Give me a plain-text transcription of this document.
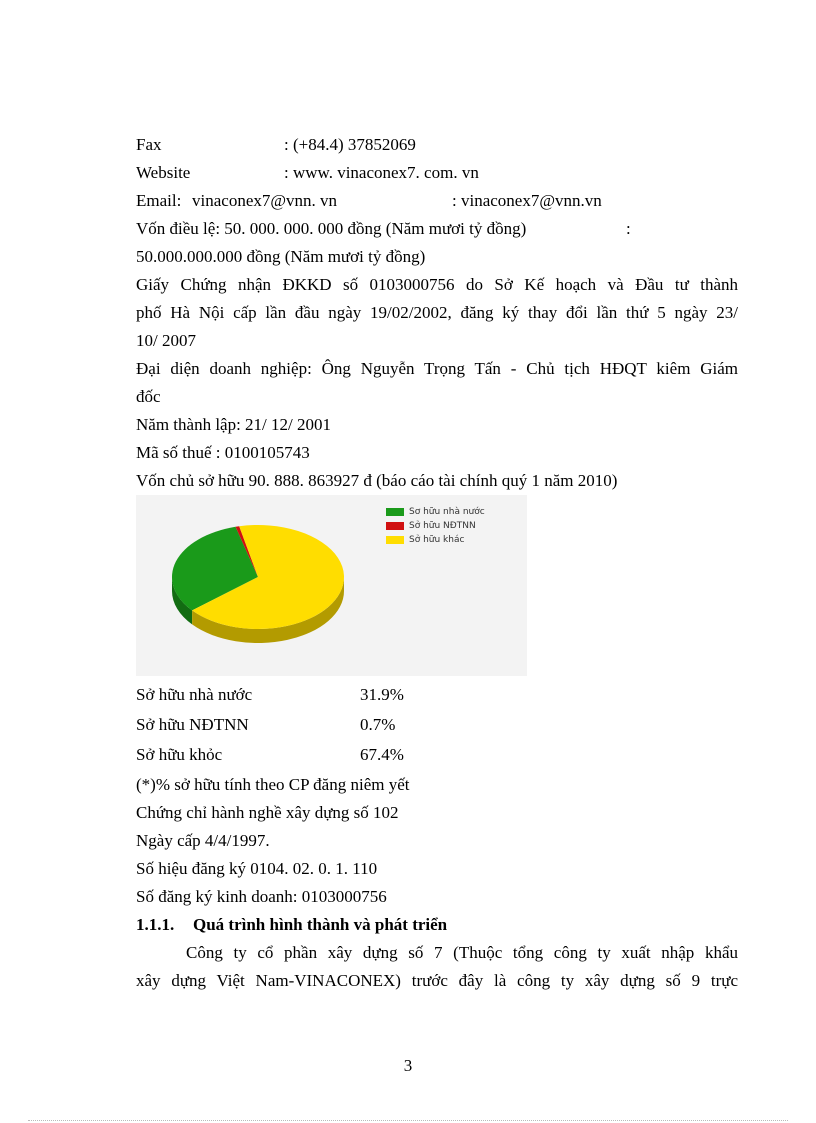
Fax	: (+84.4) 37852069
Website	: www. vinaconex7. com. vn
Email: vinaconex7@vnn. vn	: vinaconex7@vnn.vn
Vốn điều lệ: 50. 000. 000. 000 đồng (Năm mươi tỷ đồng)	:
50.000.000.000 đồng (Năm mươi tỷ đồng)
Giấy Chứng nhận ĐKKD số 0103000756 do Sở Kế hoạch và Đầu tư thành
phố Hà Nội cấp lần đầu ngày 19/02/2002, đăng ký thay đổi lần thứ 5 ngày 23/
10/ 2007
Đại diện doanh nghiệp: Ông Nguyễn Trọng Tấn - Chủ tịch HĐQT kiêm Giám
đốc
Năm thành lập: 21/ 12/ 2001
Mã số thuế : 0100105743
Vốn chủ sở hữu 90. 888. 863927 đ (báo cáo tài chính quý 1 năm 2010)
Sơ hữu nhà nước
Sở hữu NĐTNN
Sở hữu khác
Sở hữu nhà nước	31.9%
Sở hữu NĐTNN	0.7%
Sở hữu khỏc	67.4%
(*)% sở hữu tính theo CP đăng niêm yết
Chứng chỉ hành nghề xây dựng số 102
Ngày cấp 4/4/1997.
Số hiệu đăng ký 0104. 02. 0. 1. 110
Số đăng ký kinh doanh: 0103000756
1.1.1. Quá trình hình thành và phát triển
Công ty cổ phần xây dựng số 7 (Thuộc tổng công ty xuất nhập khẩu
xây dựng Việt Nam-VINACONEX) trước đây là công ty xây dựng số 9 trực
3
